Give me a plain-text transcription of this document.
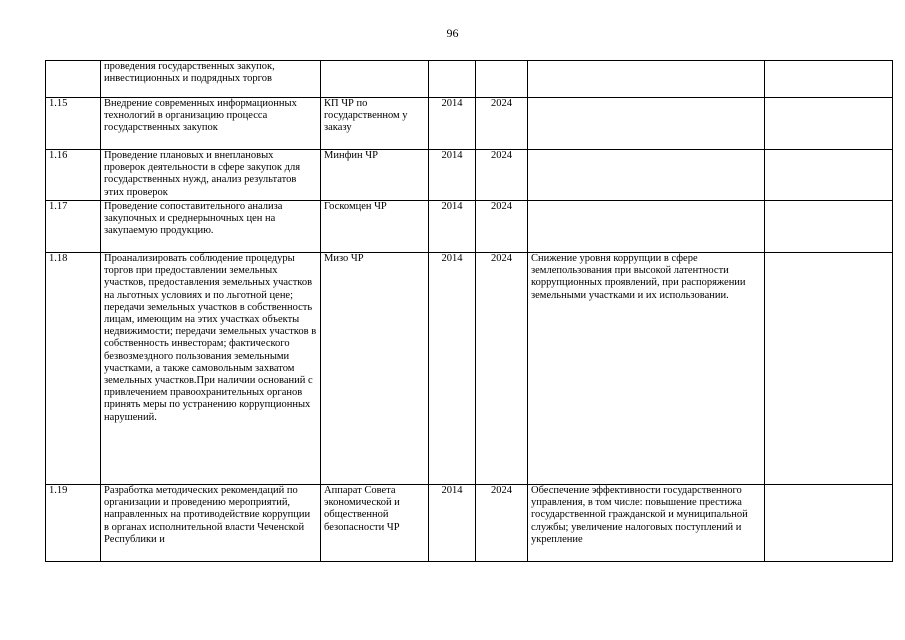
96
	проведения государственных закупок, инвестиционных и подрядных торгов					
1.15	Внедрение современных информационных технологий в организацию процесса государственных закупок	КП ЧР по государственном у заказу	2014	2024		
1.16	Проведение плановых и внеплановых проверок деятельности в сфере закупок для государственных нужд, анализ результатов этих проверок	Минфин ЧР	2014	2024		
1.17	Проведение сопоставительного анализа закупочных и среднерыночных цен на закупаемую продукцию.	Госкомцен ЧР	2014	2024		
1.18	Проанализировать соблюдение процедуры торгов при предоставлении земельных участков, предоставления земельных участков на льготных условиях и по льготной цене; передачи земельных участков в собственность лицам, имеющим на этих участках объекты недвижимости; передачи земельных участков в собственность инвесторам; фактического безвозмездного пользования земельными участками, а также самовольным захватом земельных участков.При наличии оснований с привлечением правоохранительных органов принять меры по устранению коррупционных нарушений.	Мизо ЧР	2014	2024	Снижение уровня коррупции в сфере землепользования при высокой латентности коррупционных проявлений, при распоряжении земельными участками и их использовании.	
1.19	Разработка методических рекомендаций по организации и проведению мероприятий, направленных на противодействие коррупции в органах исполнительной власти Чеченской Республики и	Аппарат Совета экономической и общественной безопасности ЧР	2014	2024	Обеспечение эффективности государственного управления, в том числе: повышение престижа государственной гражданской и муниципальной службы; увеличение налоговых поступлений и укрепление	
